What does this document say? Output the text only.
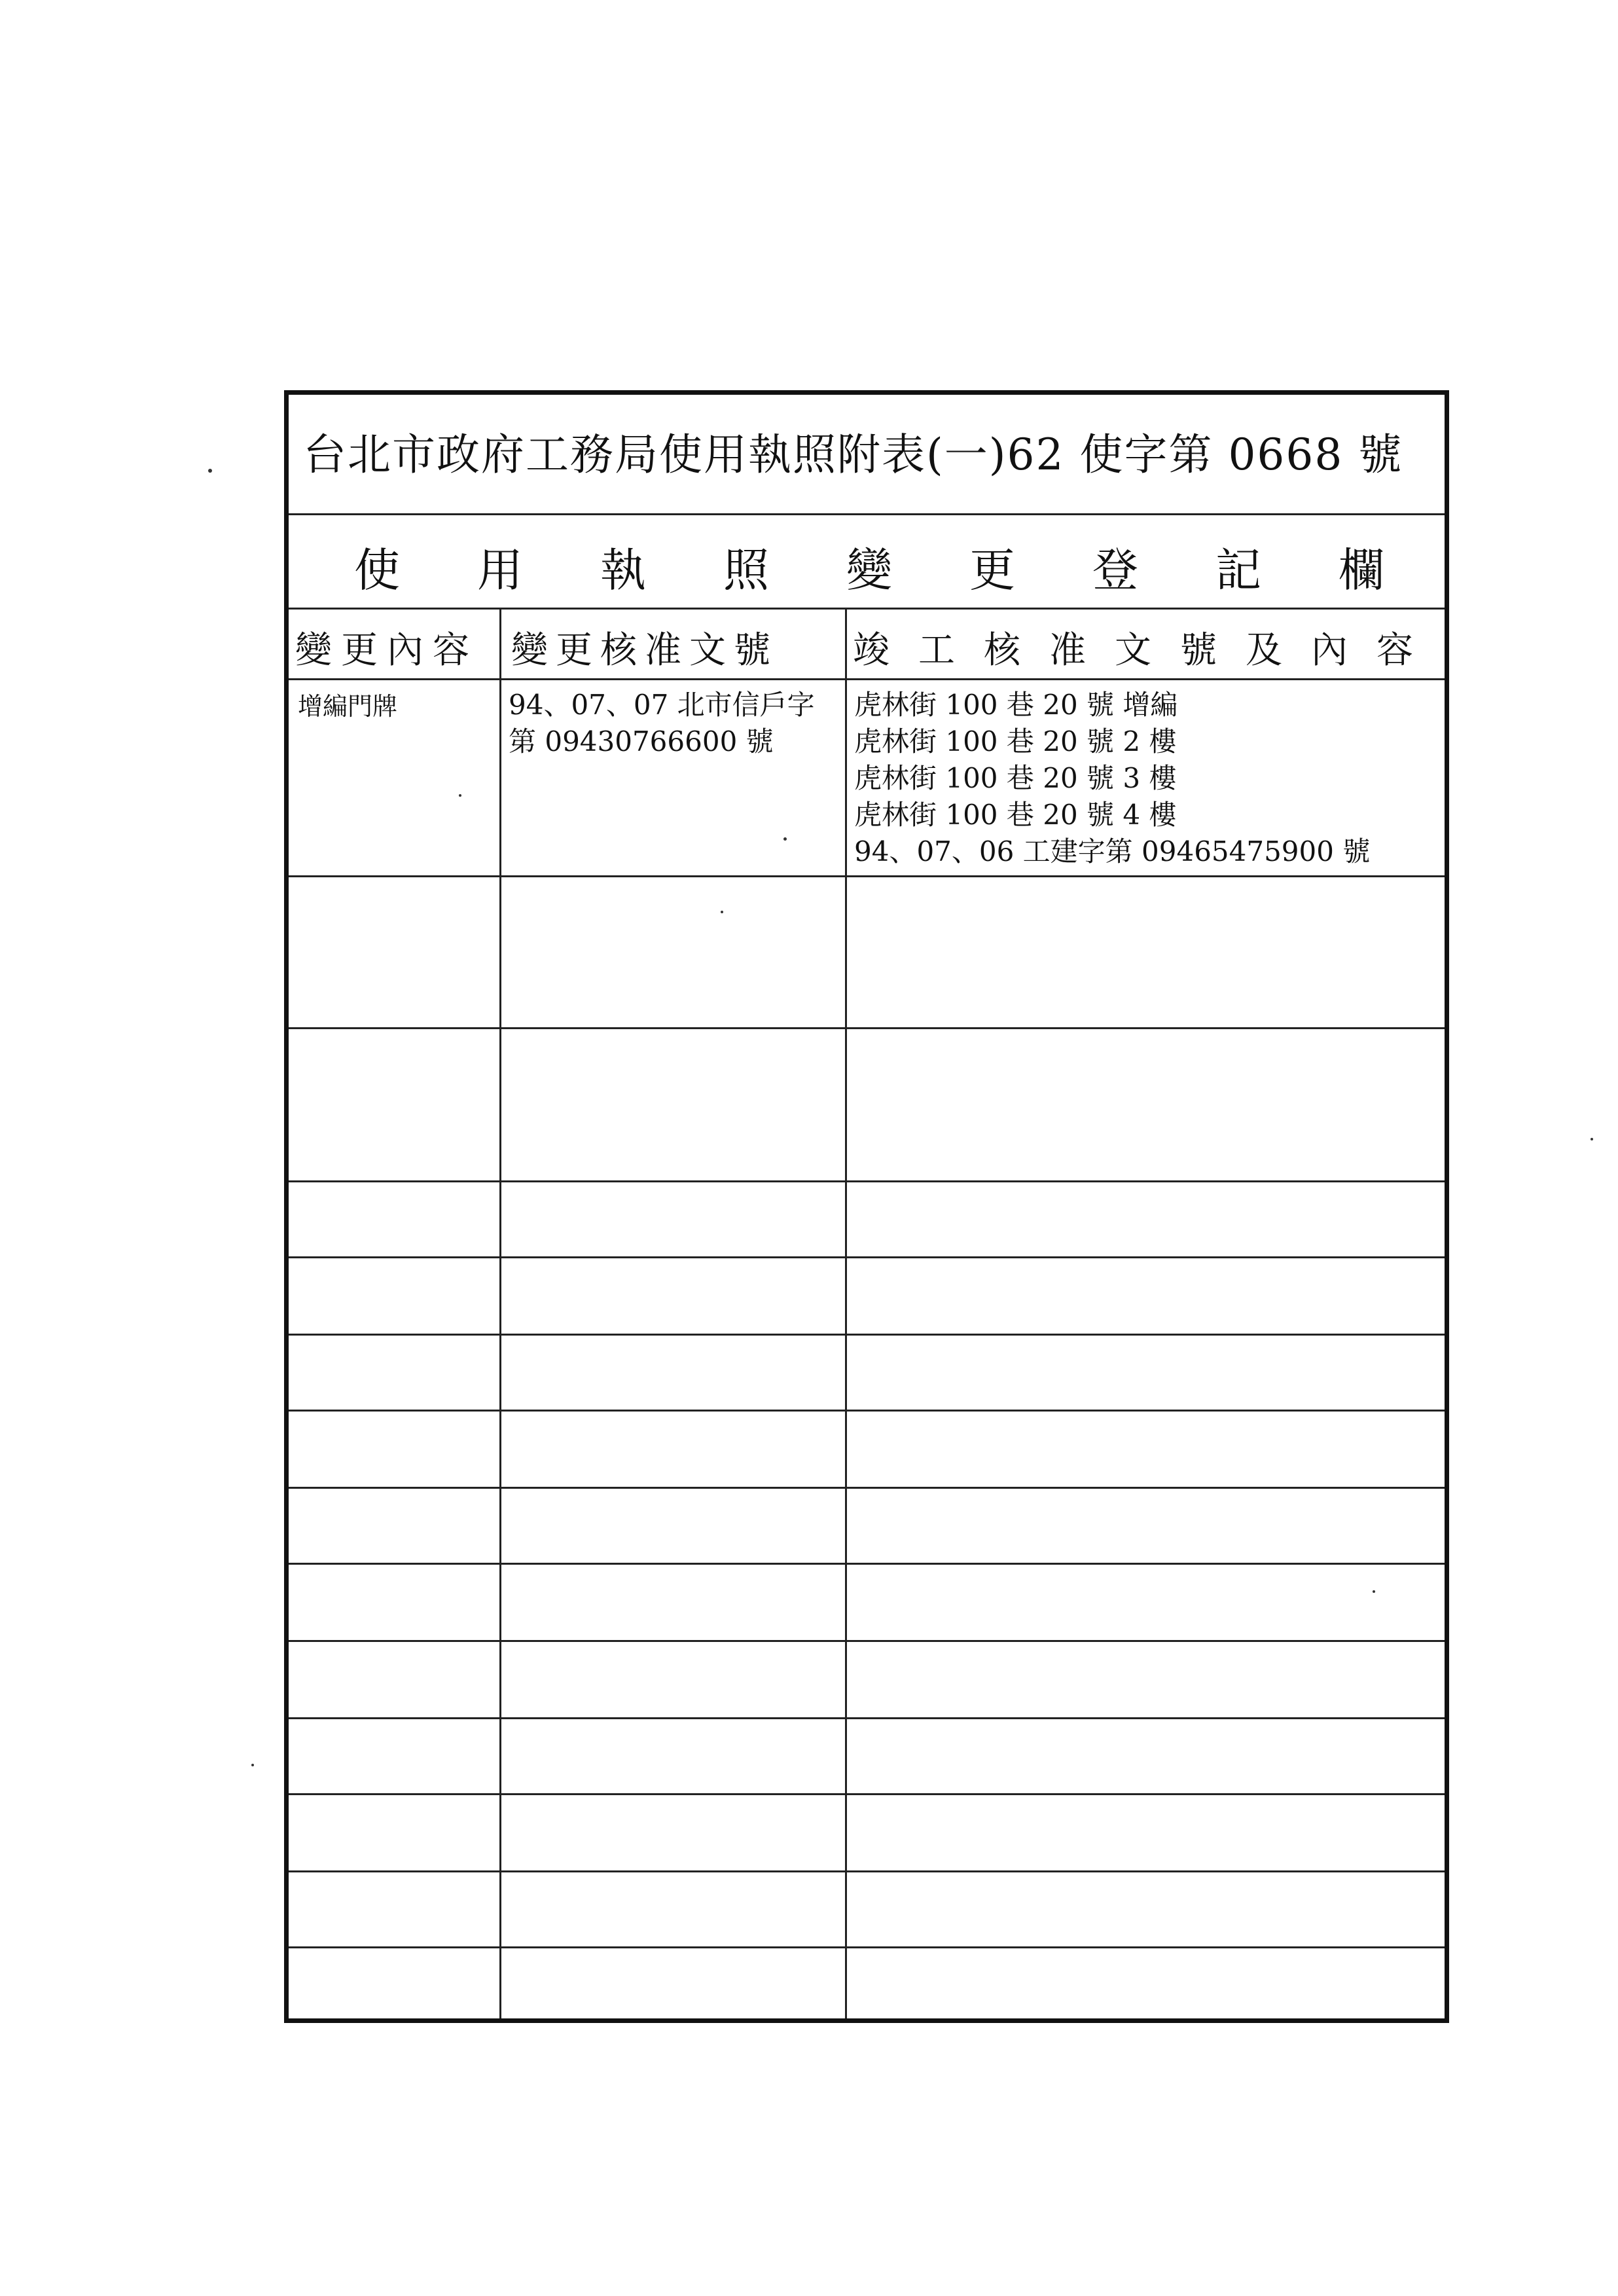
台北市政府工務局使用執照附表(一)62 使字第 0668 號
使用執照變更登記欄
變更內容 變更核准文號 竣工核准文號及內容
增編門牌	94、07、07 北市信戶字
第 09430766600 號
虎林街 100 巷 20 號 增編
虎林街 100 巷 20 號 2 樓
虎林街 100 巷 20 號 3 樓
虎林街 100 巷 20 號 4 樓
94、07、06 工建字第 09465475900 號
